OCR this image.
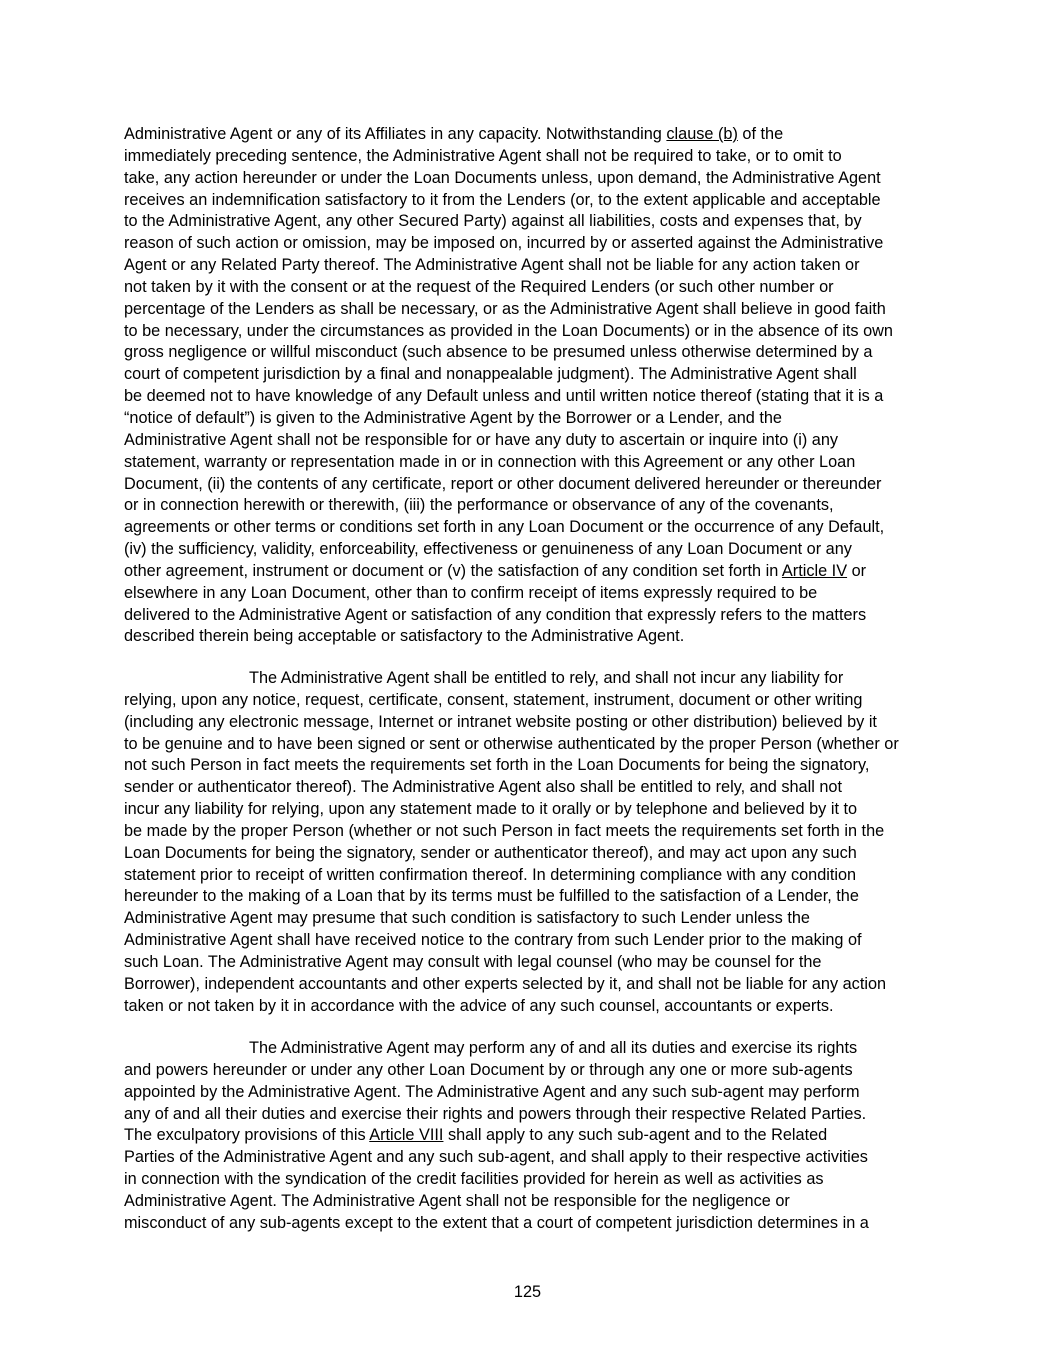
Administrative Agent or any of its Affiliates in any capacity. Notwithstanding clause (b) of the
immediately preceding sentence, the Administrative Agent shall not be required to take, or to omit to
take, any action hereunder or under the Loan Documents unless, upon demand, the Administrative Agent
receives an indemnification satisfactory to it from the Lenders (or, to the extent applicable and acceptable
to the Administrative Agent, any other Secured Party) against all liabilities, costs and expenses that, by
reason of such action or omission, may be imposed on, incurred by or asserted against the Administrative
Agent or any Related Party thereof. The Administrative Agent shall not be liable for any action taken or
not taken by it with the consent or at the request of the Required Lenders (or such other number or
percentage of the Lenders as shall be necessary, or as the Administrative Agent shall believe in good faith
to be necessary, under the circumstances as provided in the Loan Documents) or in the absence of its own
gross negligence or willful misconduct (such absence to be presumed unless otherwise determined by a
court of competent jurisdiction by a final and nonappealable judgment). The Administrative Agent shall
be deemed not to have knowledge of any Default unless and until written notice thereof (stating that it is a
“notice of default”) is given to the Administrative Agent by the Borrower or a Lender, and the
Administrative Agent shall not be responsible for or have any duty to ascertain or inquire into (i) any
statement, warranty or representation made in or in connection with this Agreement or any other Loan
Document, (ii) the contents of any certificate, report or other document delivered hereunder or thereunder
or in connection herewith or therewith, (iii) the performance or observance of any of the covenants,
agreements or other terms or conditions set forth in any Loan Document or the occurrence of any Default,
(iv) the sufficiency, validity, enforceability, effectiveness or genuineness of any Loan Document or any
other agreement, instrument or document or (v) the satisfaction of any condition set forth in Article IV or
elsewhere in any Loan Document, other than to confirm receipt of items expressly required to be
delivered to the Administrative Agent or satisfaction of any condition that expressly refers to the matters
described therein being acceptable or satisfactory to the Administrative Agent.
The Administrative Agent shall be entitled to rely, and shall not incur any liability for
relying, upon any notice, request, certificate, consent, statement, instrument, document or other writing
(including any electronic message, Internet or intranet website posting or other distribution) believed by it
to be genuine and to have been signed or sent or otherwise authenticated by the proper Person (whether or
not such Person in fact meets the requirements set forth in the Loan Documents for being the signatory,
sender or authenticator thereof). The Administrative Agent also shall be entitled to rely, and shall not
incur any liability for relying, upon any statement made to it orally or by telephone and believed by it to
be made by the proper Person (whether or not such Person in fact meets the requirements set forth in the
Loan Documents for being the signatory, sender or authenticator thereof), and may act upon any such
statement prior to receipt of written confirmation thereof. In determining compliance with any condition
hereunder to the making of a Loan that by its terms must be fulfilled to the satisfaction of a Lender, the
Administrative Agent may presume that such condition is satisfactory to such Lender unless the
Administrative Agent shall have received notice to the contrary from such Lender prior to the making of
such Loan. The Administrative Agent may consult with legal counsel (who may be counsel for the
Borrower), independent accountants and other experts selected by it, and shall not be liable for any action
taken or not taken by it in accordance with the advice of any such counsel, accountants or experts.
The Administrative Agent may perform any of and all its duties and exercise its rights
and powers hereunder or under any other Loan Document by or through any one or more sub-agents
appointed by the Administrative Agent. The Administrative Agent and any such sub-agent may perform
any of and all their duties and exercise their rights and powers through their respective Related Parties.
The exculpatory provisions of this Article VIII shall apply to any such sub-agent and to the Related
Parties of the Administrative Agent and any such sub-agent, and shall apply to their respective activities
in connection with the syndication of the credit facilities provided for herein as well as activities as
Administrative Agent. The Administrative Agent shall not be responsible for the negligence or
misconduct of any sub-agents except to the extent that a court of competent jurisdiction determines in a
125
